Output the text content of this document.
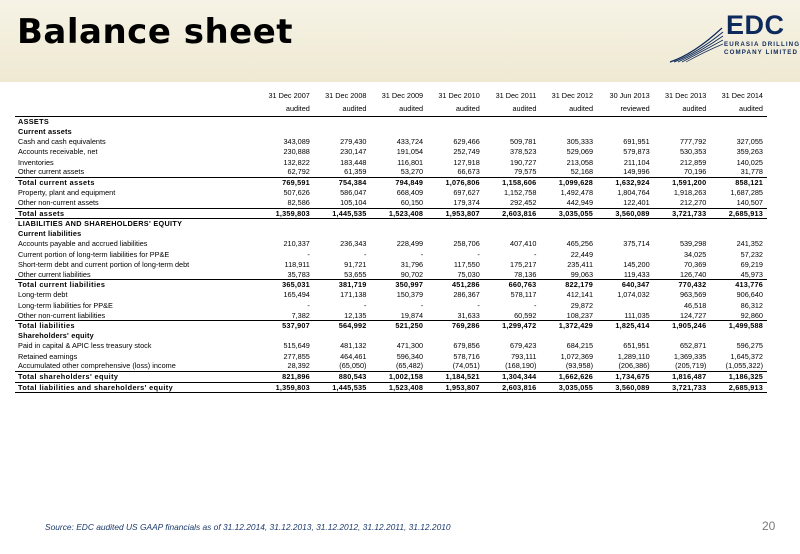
Balance sheet	EDC
EURASIA DRILLING
COMPANY LIMITED
	31 Dec 2007	31 Dec 2008	31 Dec 2009	31 Dec 2010	31 Dec 2011	31 Dec 2012	30 Jun 2013	31 Dec 2013	31 Dec 2014
	audited	audited	audited	audited	audited	audited	reviewed	audited	audited
ASSETS									
Current assets									
Cash and cash equivalents	343,089	279,430	433,724	629,466	509,781	305,333	691,951	777,792	327,055
Accounts receivable, net	230,888	230,147	191,054	252,749	378,523	529,069	579,873	530,353	359,263
Inventories	132,822	183,448	116,801	127,918	190,727	213,058	211,104	212,859	140,025
Other current assets	62,792	61,359	53,270	66,673	79,575	52,168	149,996	70,196	31,778
Total current assets	769,591	754,384	794,849	1,076,806	1,158,606	1,099,628	1,632,924	1,591,200	858,121
Property, plant and equipment	507,626	586,047	668,409	697,627	1,152,758	1,492,478	1,804,764	1,918,263	1,687,285
Other non-current assets	82,586	105,104	60,150	179,374	292,452	442,949	122,401	212,270	140,507
Total assets	1,359,803	1,445,535	1,523,408	1,953,807	2,603,816	3,035,055	3,560,089	3,721,733	2,685,913
LIABILITIES AND SHAREHOLDERS' EQUITY									
Current liabilities									
Accounts payable and accrued liabilities	210,337	236,343	228,499	258,706	407,410	465,256	375,714	539,298	241,352
Current portion of long-term liabilities for PP&E	-	-	-	-	-	22,449		34,025	57,232
Short-term debt and current portion of long-term debt	118,911	91,721	31,796	117,550	175,217	235,411	145,200	70,369	69,219
Other current liabilities	35,783	53,655	90,702	75,030	78,136	99,063	119,433	126,740	45,973
Total current liabilities	365,031	381,719	350,997	451,286	660,763	822,179	640,347	770,432	413,776
Long-term debt	165,494	171,138	150,379	286,367	578,117	412,141	1,074,032	963,569	906,640
Long-term liabilities for PP&E	-	-	-	-	-	29,872		46,518	86,312
Other non-current liabilities	7,382	12,135	19,874	31,633	60,592	108,237	111,035	124,727	92,860
Total liabilities	537,907	564,992	521,250	769,286	1,299,472	1,372,429	1,825,414	1,905,246	1,499,588
Shareholders' equity									
Paid in capital & APIC less treasury stock	515,649	481,132	471,300	679,856	679,423	684,215	651,951	652,871	596,275
Retained earnings	277,855	464,461	596,340	578,716	793,111	1,072,369	1,289,110	1,369,335	1,645,372
Accumulated other comprehensive (loss) income	28,392	(65,050)	(65,482)	(74,051)	(168,190)	(93,958)	(206,386)	(205,719)	(1,055,322)
Total shareholders' equity	821,896	880,543	1,002,158	1,184,521	1,304,344	1,662,626	1,734,675	1,816,487	1,186,325
Total liabilities and shareholders' equity	1,359,803	1,445,535	1,523,408	1,953,807	2,603,816	3,035,055	3,560,089	3,721,733	2,685,913
Source: EDC audited US GAAP financials as of 31.12.2014, 31.12.2013, 31.12.2012, 31.12.2011, 31.12.2010	20
